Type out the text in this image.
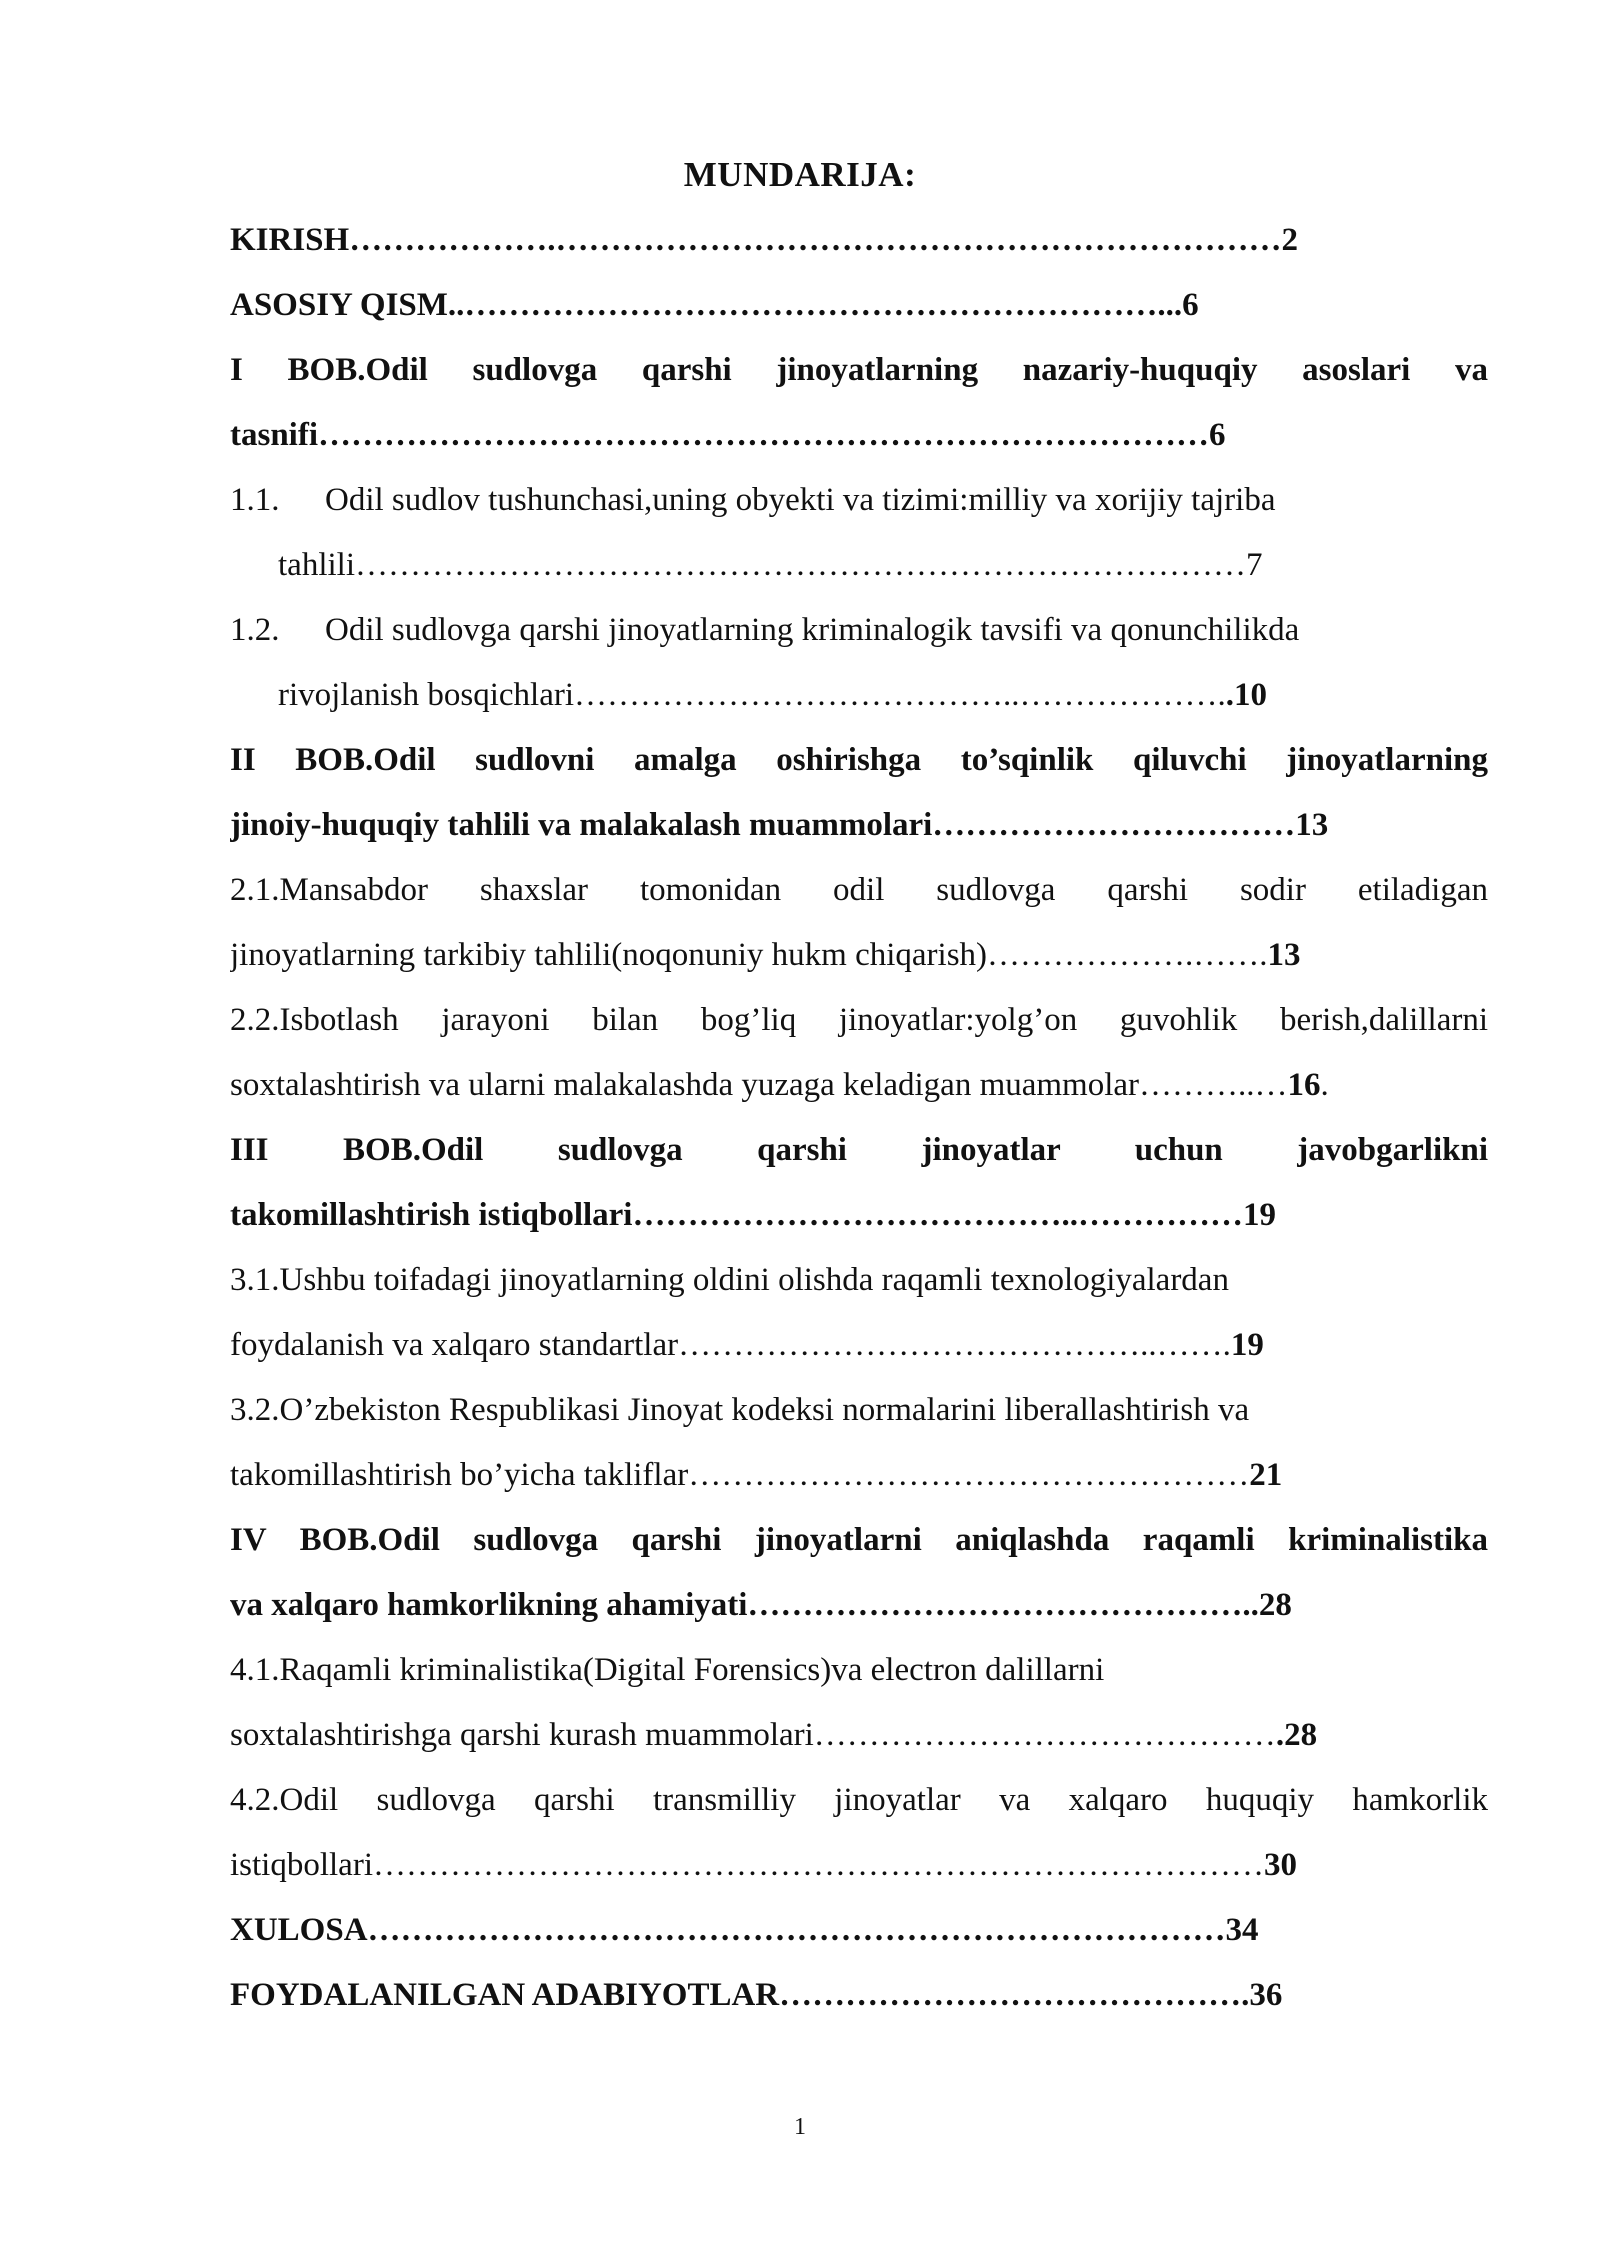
MUNDARIJA:
KIRISH……………….…………………………………………………………2
ASOSIY QISM..………………………………………………………...6
I BOB.Odil sudlovga qarshi jinoyatlarning nazariy-huquqiy asoslari va
tasnifi………………………………………………………………………6
1.1. Odil sudlov tushunchasi,uning obyekti va tizimi:milliy va xorijiy tajriba
tahlili………………………………………………………………………7
1.2. Odil sudlovga qarshi jinoyatlarning kriminalogik tavsifi va qonunchilikda
rivojlanish bosqichlari…………………………………..………………..10
II BOB.Odil sudlovni amalga oshirishga to’sqinlik qiluvchi jinoyatlarning
jinoiy-huquqiy tahlili va malakalash muammolari……………………………13
2.1.Mansabdor shaxslar tomonidan odil sudlovga qarshi sodir etiladigan
jinoyatlarning tarkibiy tahlili(noqonuniy hukm chiqarish)……………….…….13
2.2.Isbotlash jarayoni bilan bog’liq jinoyatlar:yolg’on guvohlik berish,dalillarni
soxtalashtirish va ularni malakalashda yuzaga keladigan muammolar………..…16.
III BOB.Odil sudlovga qarshi jinoyatlar uchun javobgarlikni
takomillashtirish istiqbollari…………………………………..……………19
3.1.Ushbu toifadagi jinoyatlarning oldini olishda raqamli texnologiyalardan
foydalanish va xalqaro standartlar……………………………………..…….19
3.2.O’zbekiston Respublikasi Jinoyat kodeksi normalarini liberallashtirish va
takomillashtirish bo’yicha takliflar……………………………………………21
IV BOB.Odil sudlovga qarshi jinoyatlarni aniqlashda raqamli kriminalistika
va xalqaro hamkorlikning ahamiyati………………………………………..28
4.1.Raqamli kriminalistika(Digital Forensics)va electron dalillarni
soxtalashtirishga qarshi kurash muammolari…………………………………….28
4.2.Odil sudlovga qarshi transmilliy jinoyatlar va xalqaro huquqiy hamkorlik
istiqbollari………………………………………………………………………30
XULOSA……………………………………………………………………34
FOYDALANILGAN ADABIYOTLAR…………………………………….36
1
